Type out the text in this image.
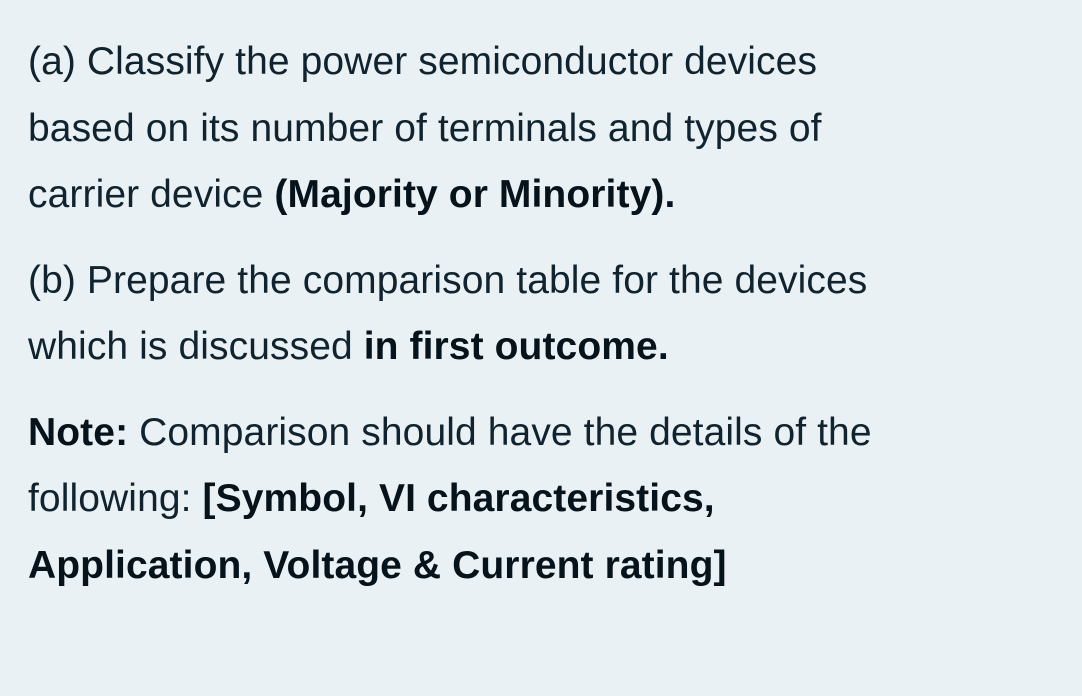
(a) Classify the power semiconductor devices
based on its number of terminals and types of
carrier device (Majority or Minority).
(b) Prepare the comparison table for the devices
which is discussed in first outcome.
Note: Comparison should have the details of the
following: [Symbol, VI characteristics,
Application, Voltage & Current rating]
